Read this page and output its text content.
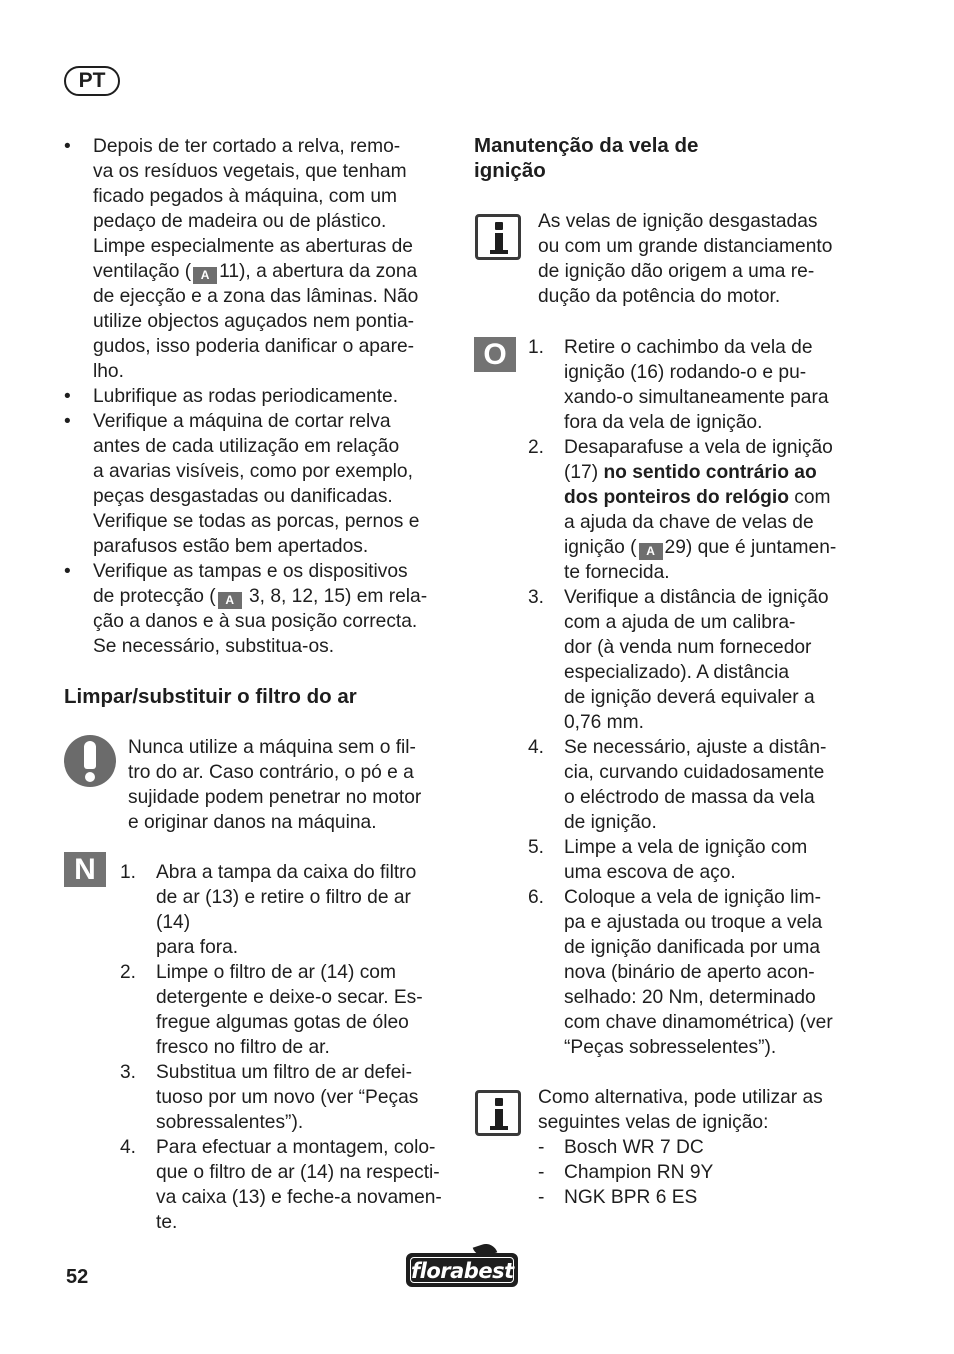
PT
• Depois de ter cortado a relva, remo-
va os resíduos vegetais, que tenham
ficado pegados à máquina, com um
pedaço de madeira ou de plástico.
Limpe especialmente as aberturas de
ventilação ( A 11), a abertura da zona
de ejecção e a zona das lâminas. Não
utilize objectos aguçados nem pontia-
gudos, isso poderia danificar o apare-
lho.
• Lubrifique as rodas periodicamente.
• Verifique a máquina de cortar relva
antes de cada utilização em relação
a avarias visíveis, como por exemplo,
peças desgastadas ou danificadas.
Verifique se todas as porcas, pernos e
parafusos estão bem apertados.
• Verifique as tampas e os dispositivos
de protecção ( A 3, 8, 12, 15) em rela-
ção a danos e à sua posição correcta.
Se necessário, substitua-os.
Limpar/substituir o filtro do ar
Nunca utilize a máquina sem o fil-
tro do ar. Caso contrário, o pó e a
sujidade podem penetrar no motor
e originar danos na máquina.
N	1. Abra a tampa da caixa do filtro
de ar (13) e retire o filtro de ar (14)
para fora.
2. Limpe o filtro de ar (14) com
detergente e deixe-o secar. Es-
fregue algumas gotas de óleo
fresco no filtro de ar.
3. Substitua um filtro de ar defei-
tuoso por um novo (ver “Peças
sobressalentes”).
4. Para efectuar a montagem, colo-
que o filtro de ar (14) na respecti-
va caixa (13) e feche-a novamen-
te.
Manutenção da vela de
ignição
As velas de ignição desgastadas
ou com um grande distanciamento
de ignição dão origem a uma re-
dução da potência do motor.
O	1. Retire o cachimbo da vela de
ignição (16) rodando-o e pu-
xando-o simultaneamente para
fora da vela de ignição.
2. Desaparafuse a vela de ignição
(17) no sentido contrário ao
dos ponteiros do relógio com
a ajuda da chave de velas de
ignição ( A 29) que é juntamen-
te fornecida.
3. Verifique a distância de ignição
com a ajuda de um calibra-
dor (à venda num fornecedor
especializado). A distância
de ignição deverá equivaler a
0,76 mm.
4. Se necessário, ajuste a distân-
cia, curvando cuidadosamente
o eléctrodo de massa da vela
de ignição.
5. Limpe a vela de ignição com
uma escova de aço.
6. Coloque a vela de ignição lim-
pa e ajustada ou troque a vela
de ignição danificada por uma
nova (binário de aperto acon-
selhado: 20 Nm, determinado
com chave dinamométrica) (ver
“Peças sobresselentes”).
Como alternativa, pode utilizar as
seguintes velas de ignição:
- Bosch WR 7 DC
- Champion RN 9Y
- NGK BPR 6 ES
52	florabest
